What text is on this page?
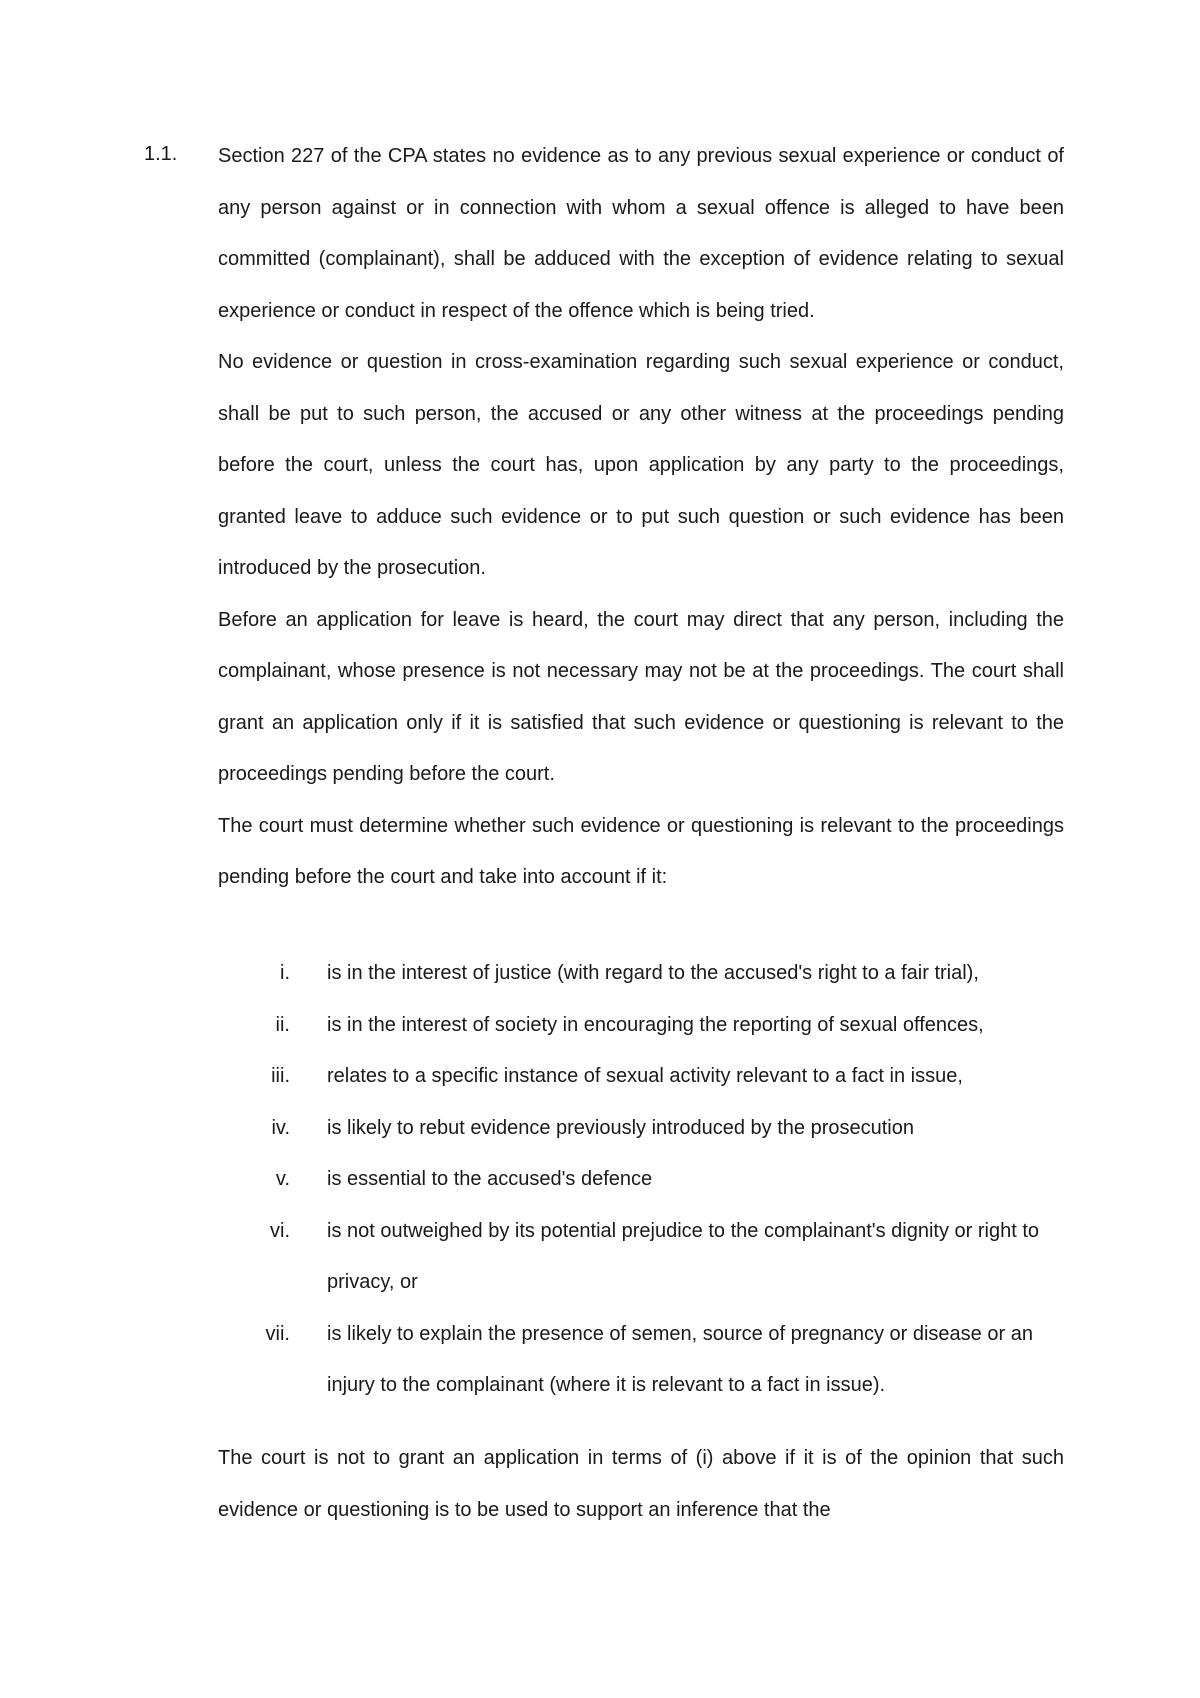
1.1. Section 227 of the CPA states no evidence as to any previous sexual experience or conduct of any person against or in connection with whom a sexual offence is alleged to have been committed (complainant), shall be adduced with the exception of evidence relating to sexual experience or conduct in respect of the offence which is being tried.

No evidence or question in cross-examination regarding such sexual experience or conduct, shall be put to such person, the accused or any other witness at the proceedings pending before the court, unless the court has, upon application by any party to the proceedings, granted leave to adduce such evidence or to put such question or such evidence has been introduced by the prosecution.

Before an application for leave is heard, the court may direct that any person, including the complainant, whose presence is not necessary may not be at the proceedings. The court shall grant an application only if it is satisfied that such evidence or questioning is relevant to the proceedings pending before the court.

The court must determine whether such evidence or questioning is relevant to the proceedings pending before the court and take into account if it:

i. is in the interest of justice (with regard to the accused's right to a fair trial),
ii. is in the interest of society in encouraging the reporting of sexual offences,
iii. relates to a specific instance of sexual activity relevant to a fact in issue,
iv. is likely to rebut evidence previously introduced by the prosecution
v. is essential to the accused's defence
vi. is not outweighed by its potential prejudice to the complainant's dignity or right to privacy, or
vii. is likely to explain the presence of semen, source of pregnancy or disease or an injury to the complainant (where it is relevant to a fact in issue).

The court is not to grant an application in terms of (i) above if it is of the opinion that such evidence or questioning is to be used to support an inference that the
